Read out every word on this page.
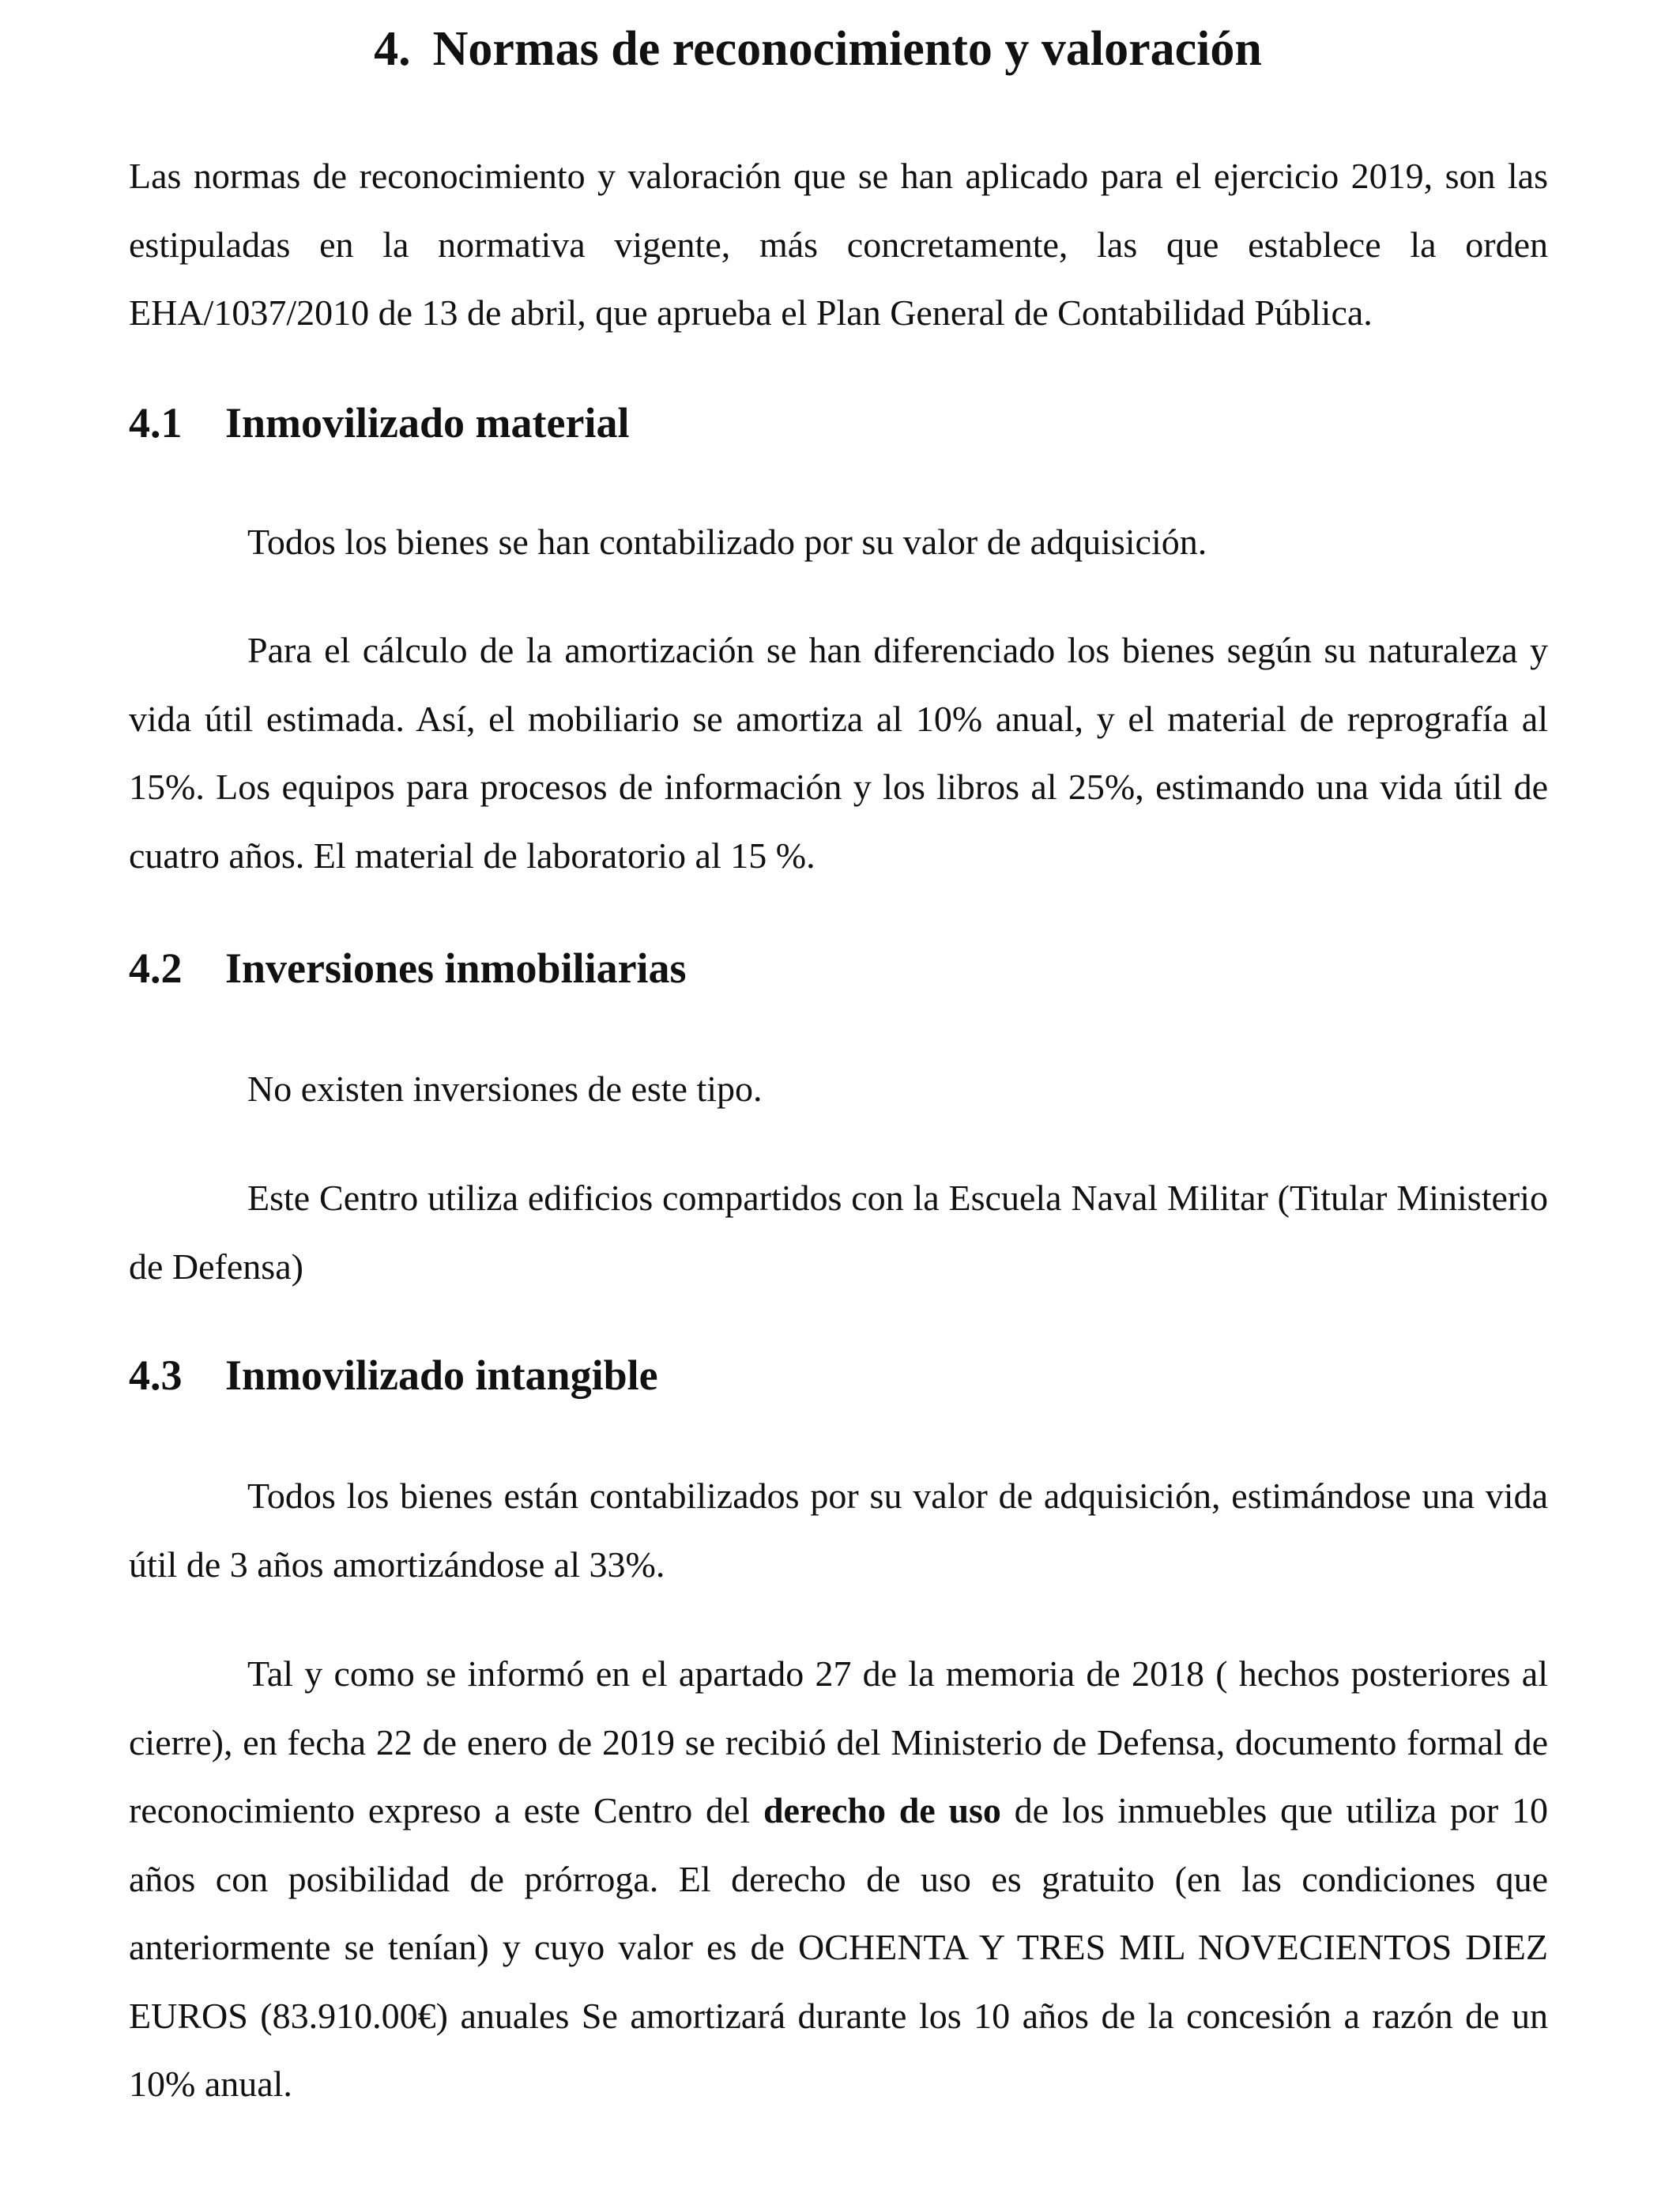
4. Normas de reconocimiento y valoración

Las normas de reconocimiento y valoración que se han aplicado para el ejercicio 2019, son las estipuladas en la normativa vigente, más concretamente, las que establece la orden EHA/1037/2010 de 13 de abril, que aprueba el Plan General de Contabilidad Pública.

4.1 Inmovilizado material

Todos los bienes se han contabilizado por su valor de adquisición.

Para el cálculo de la amortización se han diferenciado los bienes según su naturaleza y vida útil estimada. Así, el mobiliario se amortiza al 10% anual, y el material de reprografía al 15%. Los equipos para procesos de información y los libros al 25%, estimando una vida útil de cuatro años. El material de laboratorio al 15 %.

4.2 Inversiones inmobiliarias

No existen inversiones de este tipo.

Este Centro utiliza edificios compartidos con la Escuela Naval Militar (Titular Ministerio de Defensa)

4.3 Inmovilizado intangible

Todos los bienes están contabilizados por su valor de adquisición, estimándose una vida útil de 3 años amortizándose al 33%.

Tal y como se informó en el apartado 27 de la memoria de 2018 ( hechos posteriores al cierre), en fecha 22 de enero de 2019 se recibió del Ministerio de Defensa, documento formal de reconocimiento expreso a este Centro del derecho de uso de los inmuebles que utiliza por 10 años con posibilidad de prórroga. El derecho de uso es gratuito (en las condiciones que anteriormente se tenían) y cuyo valor es de OCHENTA Y TRES MIL NOVECIENTOS DIEZ EUROS (83.910.00€) anuales Se amortizará durante los 10 años de la concesión a razón de un 10% anual.
